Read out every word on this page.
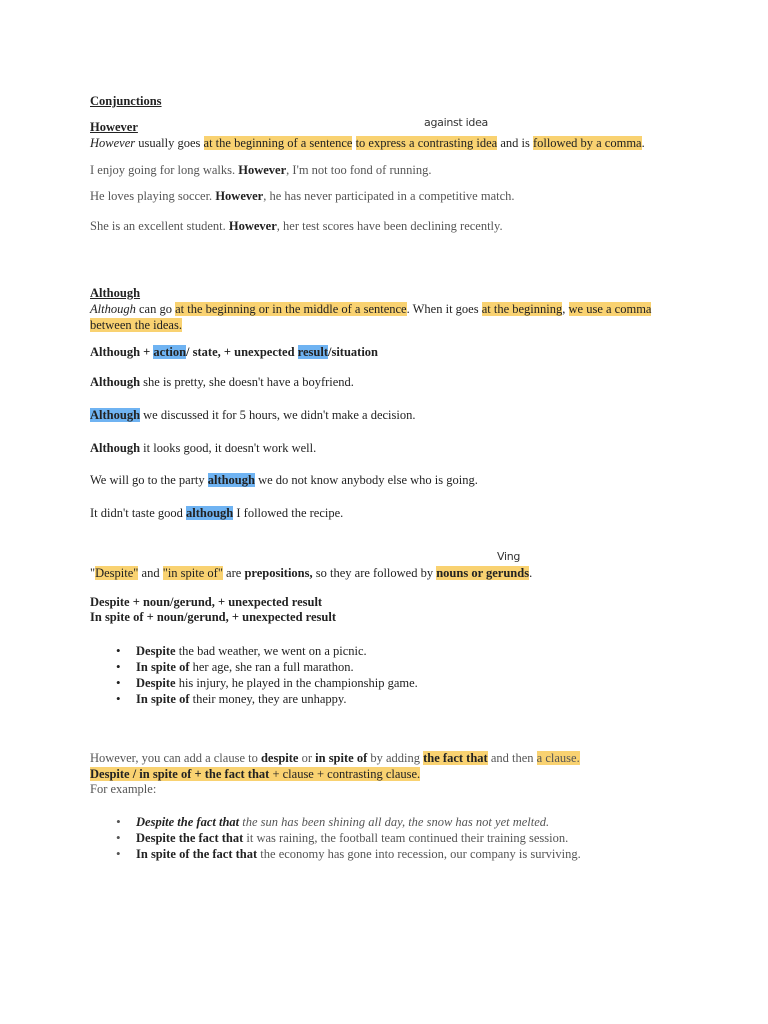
Conjunctions
However	against idea
However usually goes at the beginning of a sentence to express a contrasting idea and is followed by a comma.
I enjoy going for long walks. However, I'm not too fond of running.
He loves playing soccer. However, he has never participated in a competitive match.
She is an excellent student. However, her test scores have been declining recently.
Although
Although can go at the beginning or in the middle of a sentence. When it goes at the beginning, we use a comma
between the ideas.
Although + action/ state, + unexpected result/situation
Although she is pretty, she doesn't have a boyfriend.
Although we discussed it for 5 hours, we didn't make a decision.
Although it looks good, it doesn't work well.
We will go to the party although we do not know anybody else who is going.
It didn't taste good although I followed the recipe.
Ving
"Despite" and "in spite of" are prepositions, so they are followed by nouns or gerunds.
Despite + noun/gerund, + unexpected result
In spite of + noun/gerund, + unexpected result
• Despite the bad weather, we went on a picnic.
• In spite of her age, she ran a full marathon.
• Despite his injury, he played in the championship game.
• In spite of their money, they are unhappy.
However, you can add a clause to despite or in spite of by adding the fact that and then a clause.
Despite / in spite of + the fact that + clause + contrasting clause.
For example:
• Despite the fact that the sun has been shining all day, the snow has not yet melted.
• Despite the fact that it was raining, the football team continued their training session.
• In spite of the fact that the economy has gone into recession, our company is surviving.
